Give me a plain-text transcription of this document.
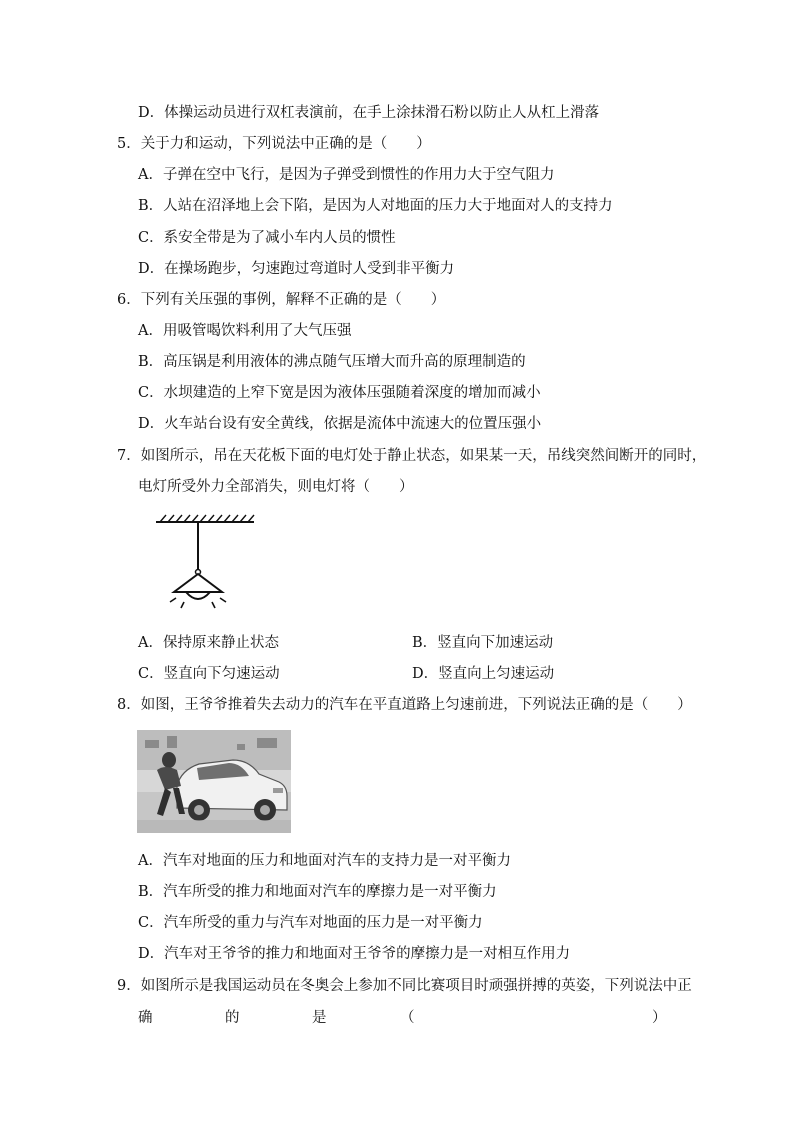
D．体操运动员进行双杠表演前，在手上涂抹滑石粉以防止人从杠上滑落
5．关于力和运动，下列说法中正确的是（　　）
A．子弹在空中飞行，是因为子弹受到惯性的作用力大于空气阻力
B．人站在沼泽地上会下陷，是因为人对地面的压力大于地面对人的支持力
C．系安全带是为了减小车内人员的惯性
D．在操场跑步，匀速跑过弯道时人受到非平衡力
6．下列有关压强的事例，解释不正确的是（　　）
A．用吸管喝饮料利用了大气压强
B．高压锅是利用液体的沸点随气压增大而升高的原理制造的
C．水坝建造的上窄下宽是因为液体压强随着深度的增加而减小
D．火车站台设有安全黄线，依据是流体中流速大的位置压强小
7．如图所示，吊在天花板下面的电灯处于静止状态，如果某一天，吊线突然间断开的同时，
电灯所受外力全部消失，则电灯将（　　）
A．保持原来静止状态	B．竖直向下加速运动
C．竖直向下匀速运动	D．竖直向上匀速运动
8．如图，王爷爷推着失去动力的汽车在平直道路上匀速前进，下列说法正确的是（　　）
A．汽车对地面的压力和地面对汽车的支持力是一对平衡力
B．汽车所受的推力和地面对汽车的摩擦力是一对平衡力
C．汽车所受的重力与汽车对地面的压力是一对平衡力
D．汽车对王爷爷的推力和地面对王爷爷的摩擦力是一对相互作用力
9．如图所示是我国运动员在冬奥会上参加不同比赛项目时顽强拼搏的英姿，下列说法中正
确	的	是	（	）
